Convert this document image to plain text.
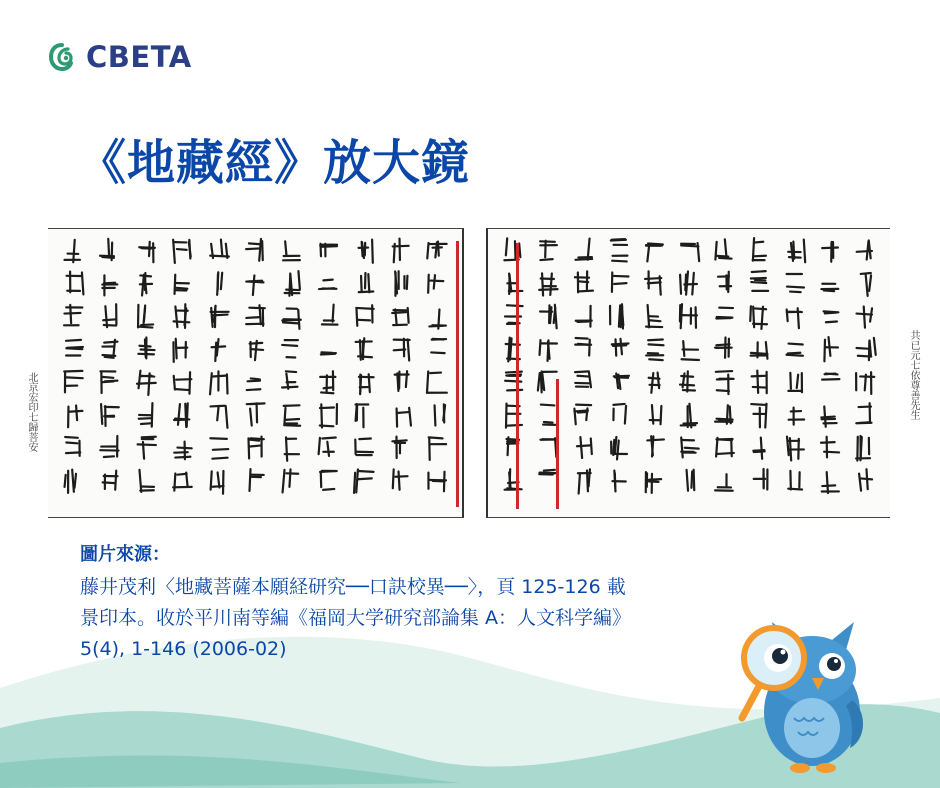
CBETA
《地藏經》放大鏡
北京宏印七歸菩安	共已元七依尊善先生
圖片來源：
藤井茂利〈地藏菩薩本願経研究──口訣校異──〉，頁 125-126 載
景印本。收於平川南等編《福岡大学研究部論集 A：人文科学編》
5(4), 1-146 (2006-02)
